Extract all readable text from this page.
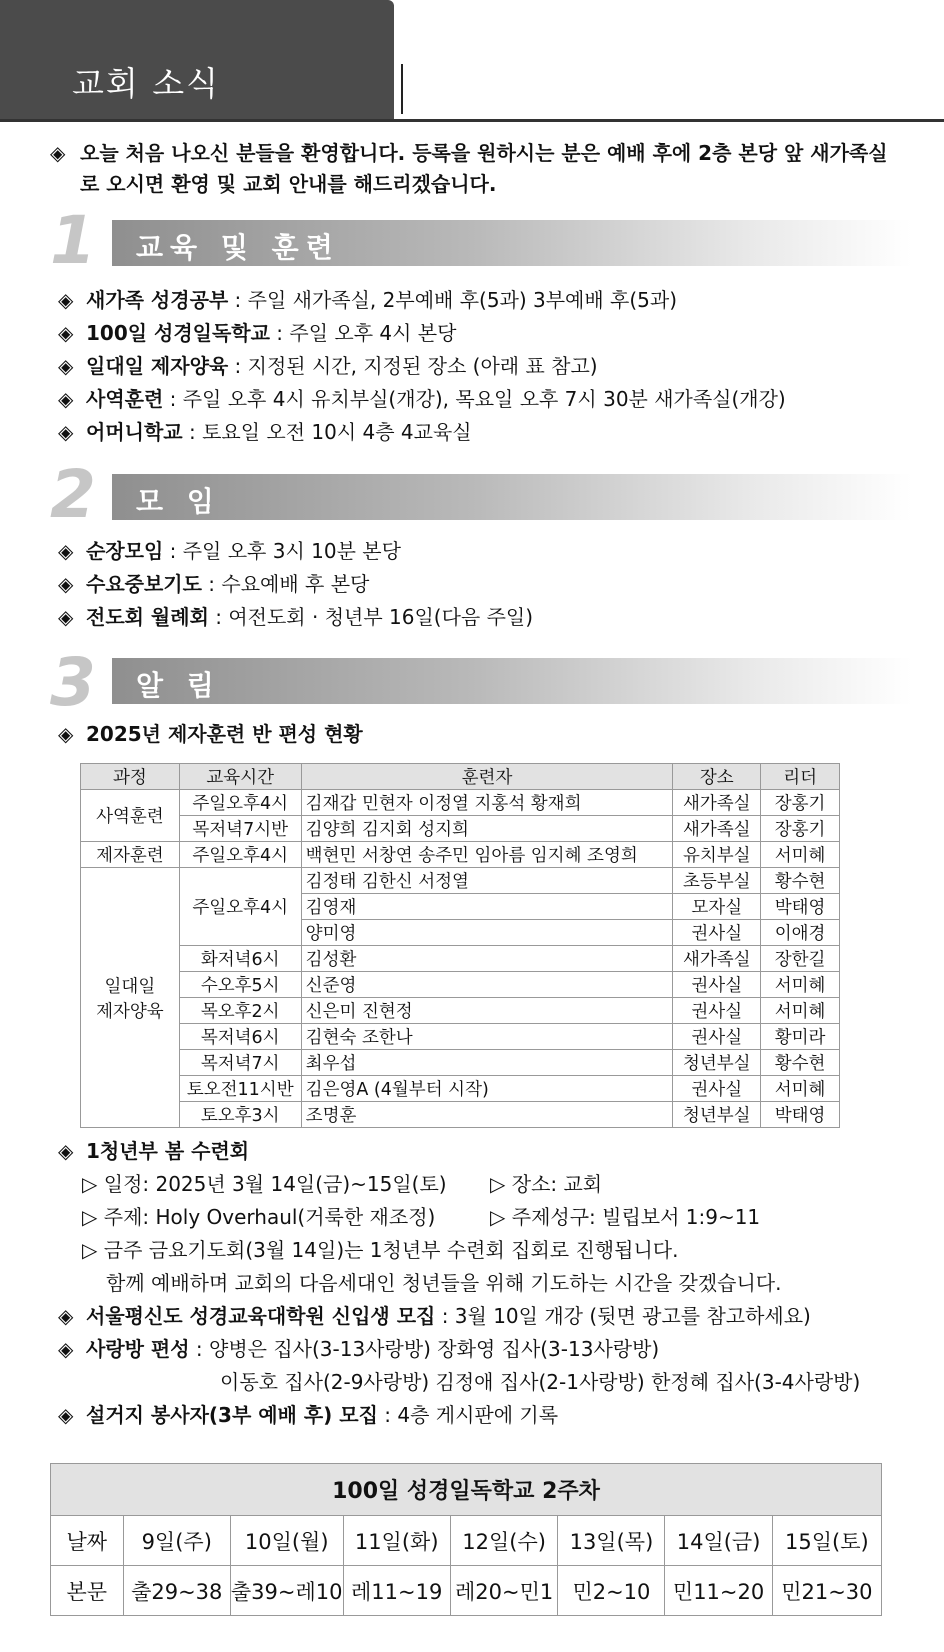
교회 소식
◈ 오늘 처음 나오신 분들을 환영합니다. 등록을 원하시는 분은 예배 후에 2층 본당 앞 새가족실
로 오시면 환영 및 교회 안내를 해드리겠습니다.
1 교육 및 훈련
◈ 새가족 성경공부 : 주일 새가족실, 2부예배 후(5과) 3부예배 후(5과)
◈ 100일 성경일독학교 : 주일 오후 4시 본당
◈ 일대일 제자양육 : 지정된 시간, 지정된 장소 (아래 표 참고)
◈ 사역훈련 : 주일 오후 4시 유치부실(개강), 목요일 오후 7시 30분 새가족실(개강)
◈ 어머니학교 : 토요일 오전 10시 4층 4교육실
2 모 임
◈ 순장모임 : 주일 오후 3시 10분 본당
◈ 수요중보기도 : 수요예배 후 본당
◈ 전도회 월례회 : 여전도회 · 청년부 16일(다음 주일)
3 알 림
◈ 2025년 제자훈련 반 편성 현황
과정	교육시간	훈련자	장소	리더
사역훈련	주일오후4시	김재갑 민현자 이정열 지홍석 황재희	새가족실	장홍기
	목저녁7시반	김양희 김지회 성지희	새가족실	장홍기
제자훈련	주일오후4시	백현민 서창연 송주민 임아름 임지혜 조영희	유치부실	서미혜

일대일
제자양육	주일오후4시	김정태 김한신 서정열	초등부실	황수현
		김영재	모자실	박태영
		양미영	권사실	이애경
	화저녁6시	김성환	새가족실	장한길
	수오후5시	신준영	권사실	서미혜
	목오후2시	신은미 진현정	권사실	서미혜
	목저녁6시	김현숙 조한나	권사실	황미라
	목저녁7시	최우섭	청년부실	황수현
	토오전11시반	김은영A (4월부터 시작)	권사실	서미혜
	토오후3시	조명훈	청년부실	박태영
◈ 1청년부 봄 수련회
▷ 일정: 2025년 3월 14일(금)~15일(토) ▷ 장소: 교회
▷ 주제: Holy Overhaul(거룩한 재조정)	▷ 주제성구: 빌립보서 1:9~11
▷ 금주 금요기도회(3월 14일)는 1청년부 수련회 집회로 진행됩니다.
함께 예배하며 교회의 다음세대인 청년들을 위해 기도하는 시간을 갖겠습니다.
◈ 서울평신도 성경교육대학원 신입생 모집 : 3월 10일 개강 (뒷면 광고를 참고하세요)
◈ 사랑방 편성 : 양병은 집사(3-13사랑방) 장화영 집사(3-13사랑방)
이동호 집사(2-9사랑방) 김정애 집사(2-1사랑방) 한정혜 집사(3-4사랑방)
◈ 설거지 봉사자(3부 예배 후) 모집 : 4층 게시판에 기록
100일 성경일독학교 2주차							
날짜	9일(주)	10일(월)	11일(화)	12일(수)	13일(목)	14일(금)	15일(토)
본문	출29~38	출39~레10	레11~19	레20~민1	민2~10	민11~20	민21~30
